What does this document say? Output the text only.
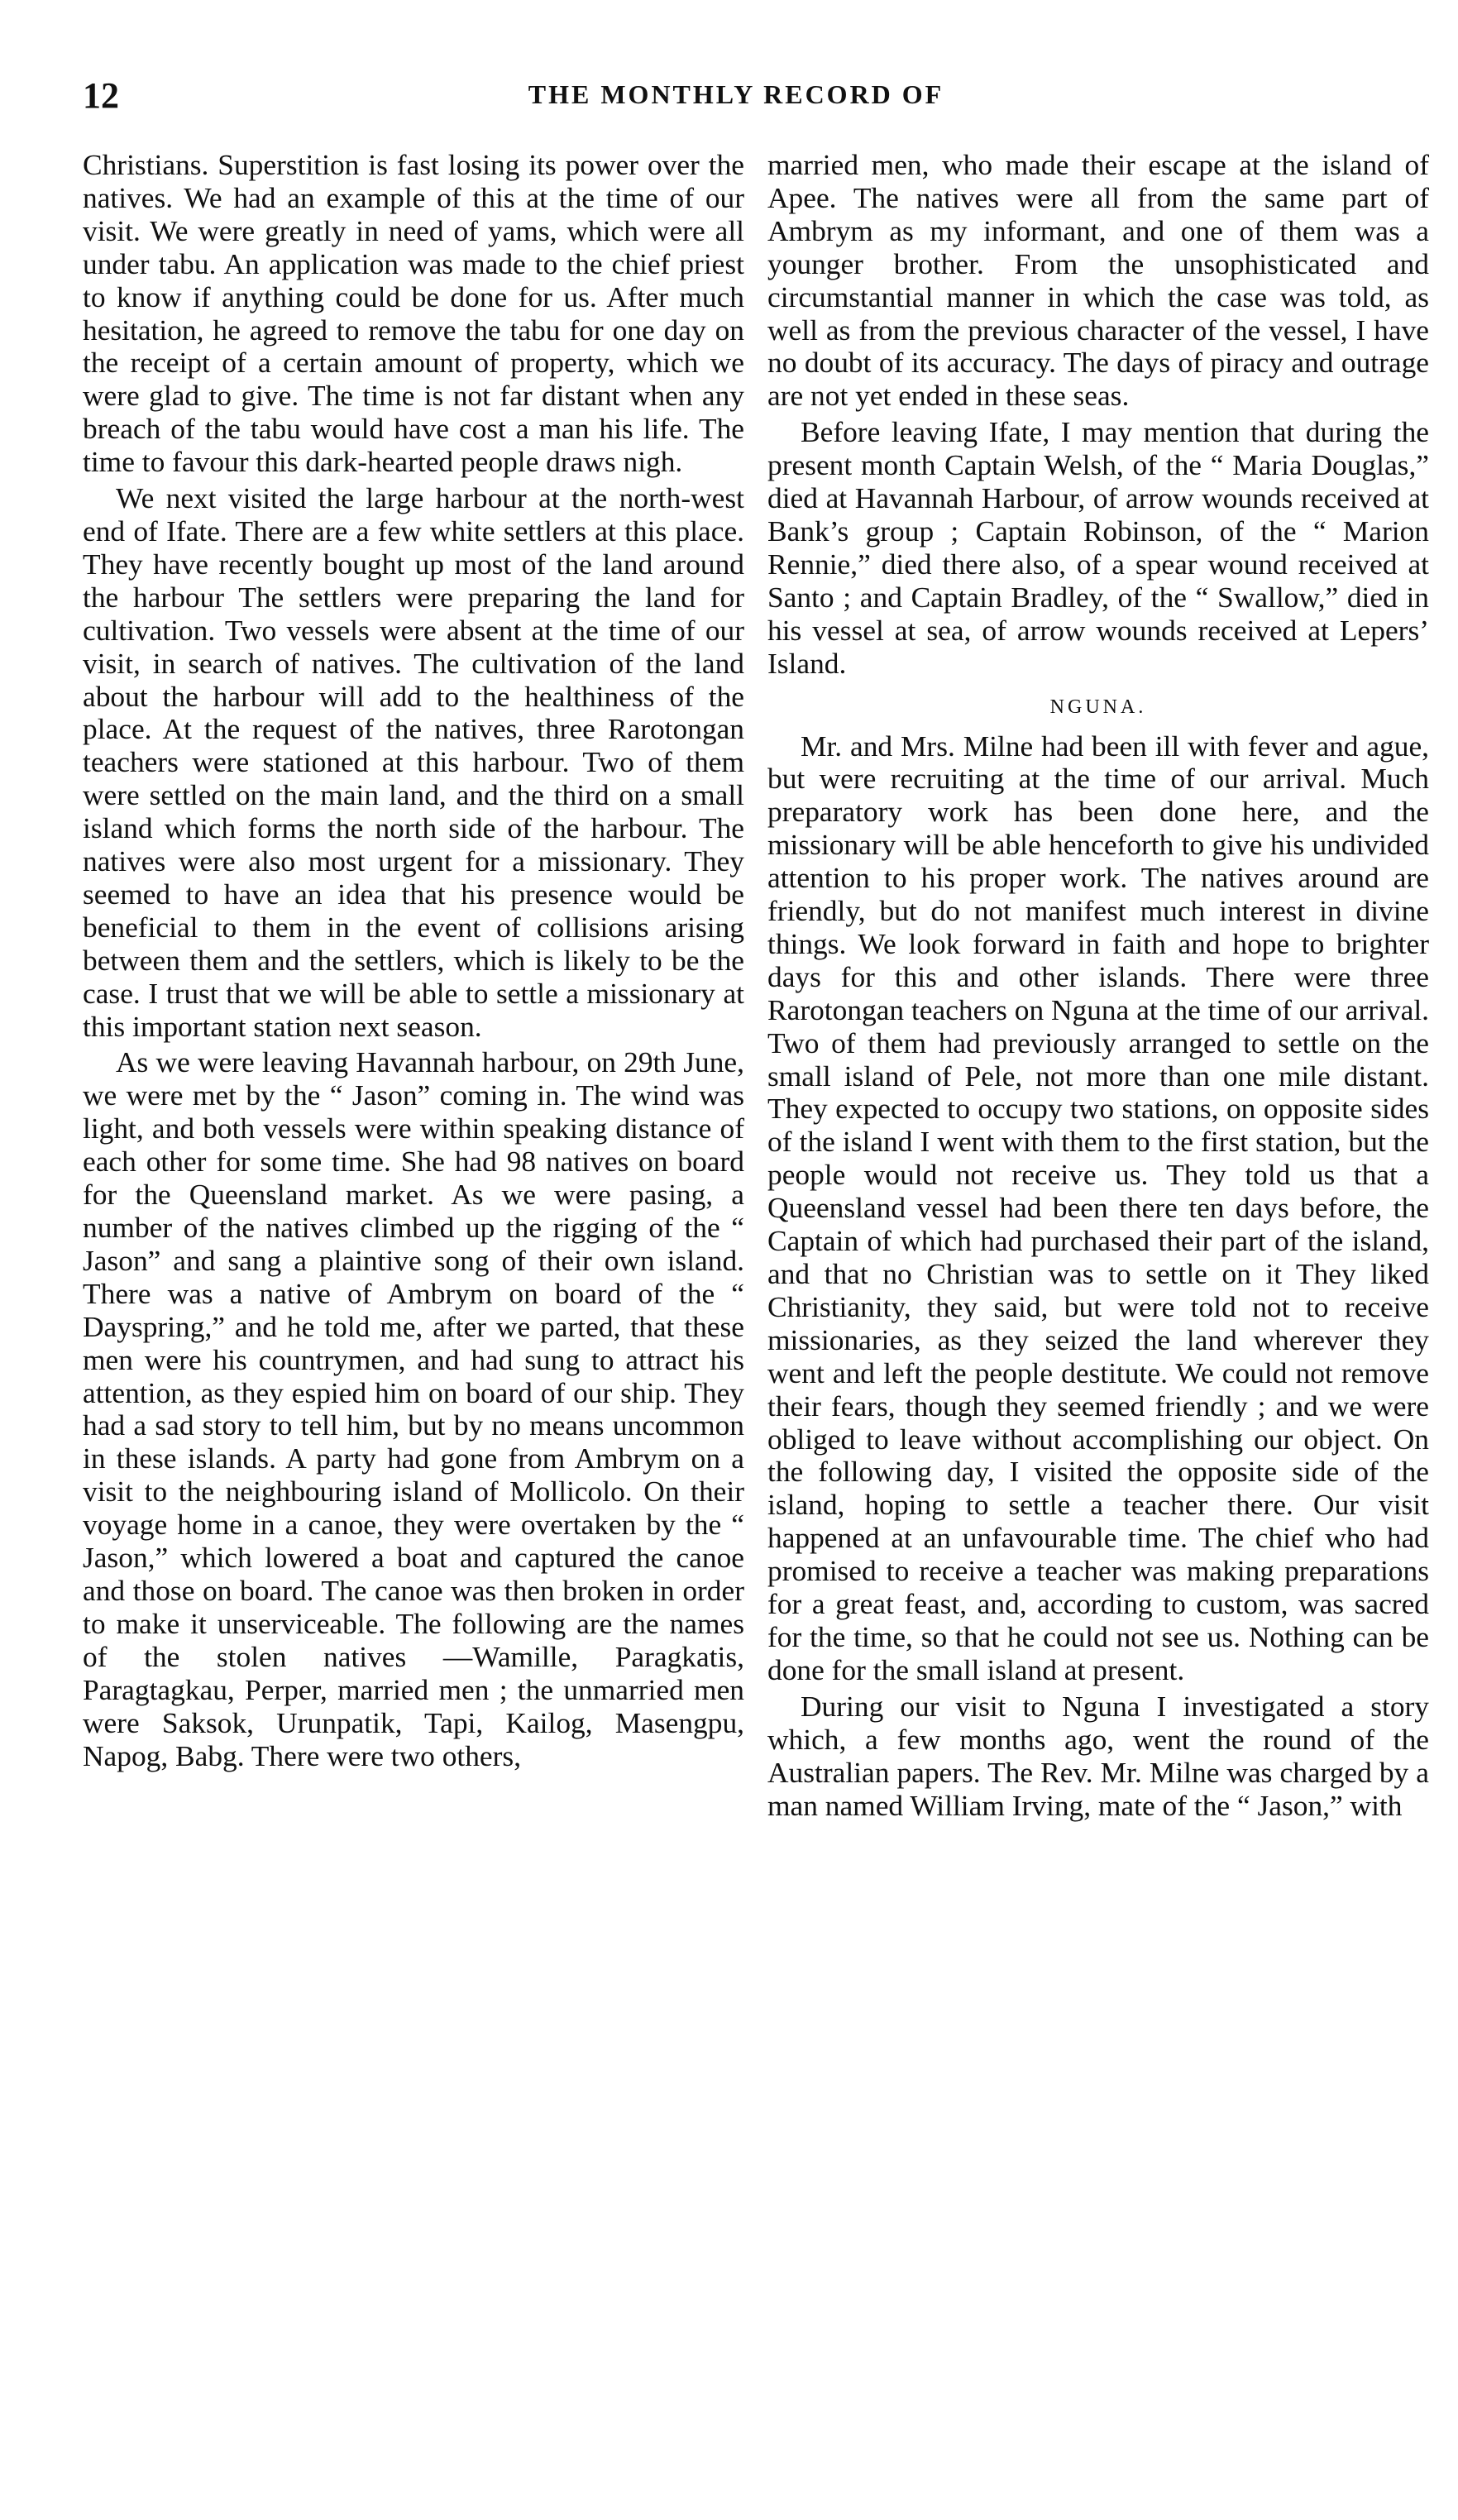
12	THE MONTHLY RECORD OF

Christians. Superstition is fast losing its power over the natives. We had an example of this at the time of our visit. We were greatly in need of yams, which were all under tabu. An application was made to the chief priest to know if anything could be done for us. After much hesitation, he agreed to remove the tabu for one day on the receipt of a certain amount of property, which we were glad to give. The time is not far distant when any breach of the tabu would have cost a man his life. The time to favour this dark-hearted people draws nigh.

We next visited the large harbour at the north-west end of Ifate. There are a few white settlers at this place. They have recently bought up most of the land around the harbour The settlers were preparing the land for cultivation. Two vessels were absent at the time of our visit, in search of natives. The cultivation of the land about the harbour will add to the healthiness of the place. At the request of the natives, three Rarotongan teachers were stationed at this harbour. Two of them were settled on the main land, and the third on a small island which forms the north side of the harbour. The natives were also most urgent for a missionary. They seemed to have an idea that his presence would be beneficial to them in the event of collisions arising between them and the settlers, which is likely to be the case. I trust that we will be able to settle a missionary at this important station next season.

As we were leaving Havannah harbour, on 29th June, we were met by the “ Jason” coming in. The wind was light, and both vessels were within speaking distance of each other for some time. She had 98 natives on board for the Queensland market. As we were pasing, a number of the natives climbed up the rigging of the “ Jason” and sang a plaintive song of their own island. There was a native of Ambrym on board of the “ Dayspring,” and he told me, after we parted, that these men were his countrymen, and had sung to attract his attention, as they espied him on board of our ship. They had a sad story to tell him, but by no means uncommon in these islands. A party had gone from Ambrym on a visit to the neighbouring island of Mollicolo. On their voyage home in a canoe, they were overtaken by the “ Jason,” which lowered a boat and captured the canoe and those on board. The canoe was then broken in order to make it unserviceable. The following are the names of the stolen natives —Wamille, Paragkatis, Paragtagkau, Perper, married men ; the unmarried men were Saksok, Urunpatik, Tapi, Kailog, Masengpu, Napog, Babg. There were two others,

married men, who made their escape at the island of Apee. The natives were all from the same part of Ambrym as my informant, and one of them was a younger brother. From the unsophisticated and circumstantial manner in which the case was told, as well as from the previous character of the vessel, I have no doubt of its accuracy. The days of piracy and outrage are not yet ended in these seas.

Before leaving Ifate, I may mention that during the present month Captain Welsh, of the “ Maria Douglas,” died at Havannah Harbour, of arrow wounds received at Bank’s group ; Captain Robinson, of the “ Marion Rennie,” died there also, of a spear wound received at Santo ; and Captain Bradley, of the “ Swallow,” died in his vessel at sea, of arrow wounds received at Lepers’ Island.

NGUNA.

Mr. and Mrs. Milne had been ill with fever and ague, but were recruiting at the time of our arrival. Much preparatory work has been done here, and the missionary will be able henceforth to give his undivided attention to his proper work. The natives around are friendly, but do not manifest much interest in divine things. We look forward in faith and hope to brighter days for this and other islands. There were three Rarotongan teachers on Nguna at the time of our arrival. Two of them had previously arranged to settle on the small island of Pele, not more than one mile distant. They expected to occupy two stations, on opposite sides of the island I went with them to the first station, but the people would not receive us. They told us that a Queensland vessel had been there ten days before, the Captain of which had purchased their part of the island, and that no Christian was to settle on it They liked Christianity, they said, but were told not to receive missionaries, as they seized the land wherever they went and left the people destitute. We could not remove their fears, though they seemed friendly ; and we were obliged to leave without accomplishing our object. On the following day, I visited the opposite side of the island, hoping to settle a teacher there. Our visit happened at an unfavourable time. The chief who had promised to receive a teacher was making preparations for a great feast, and, according to custom, was sacred for the time, so that he could not see us. Nothing can be done for the small island at present.

During our visit to Nguna I investigated a story which, a few months ago, went the round of the Australian papers. The Rev. Mr. Milne was charged by a man named William Irving, mate of the “ Jason,” with
